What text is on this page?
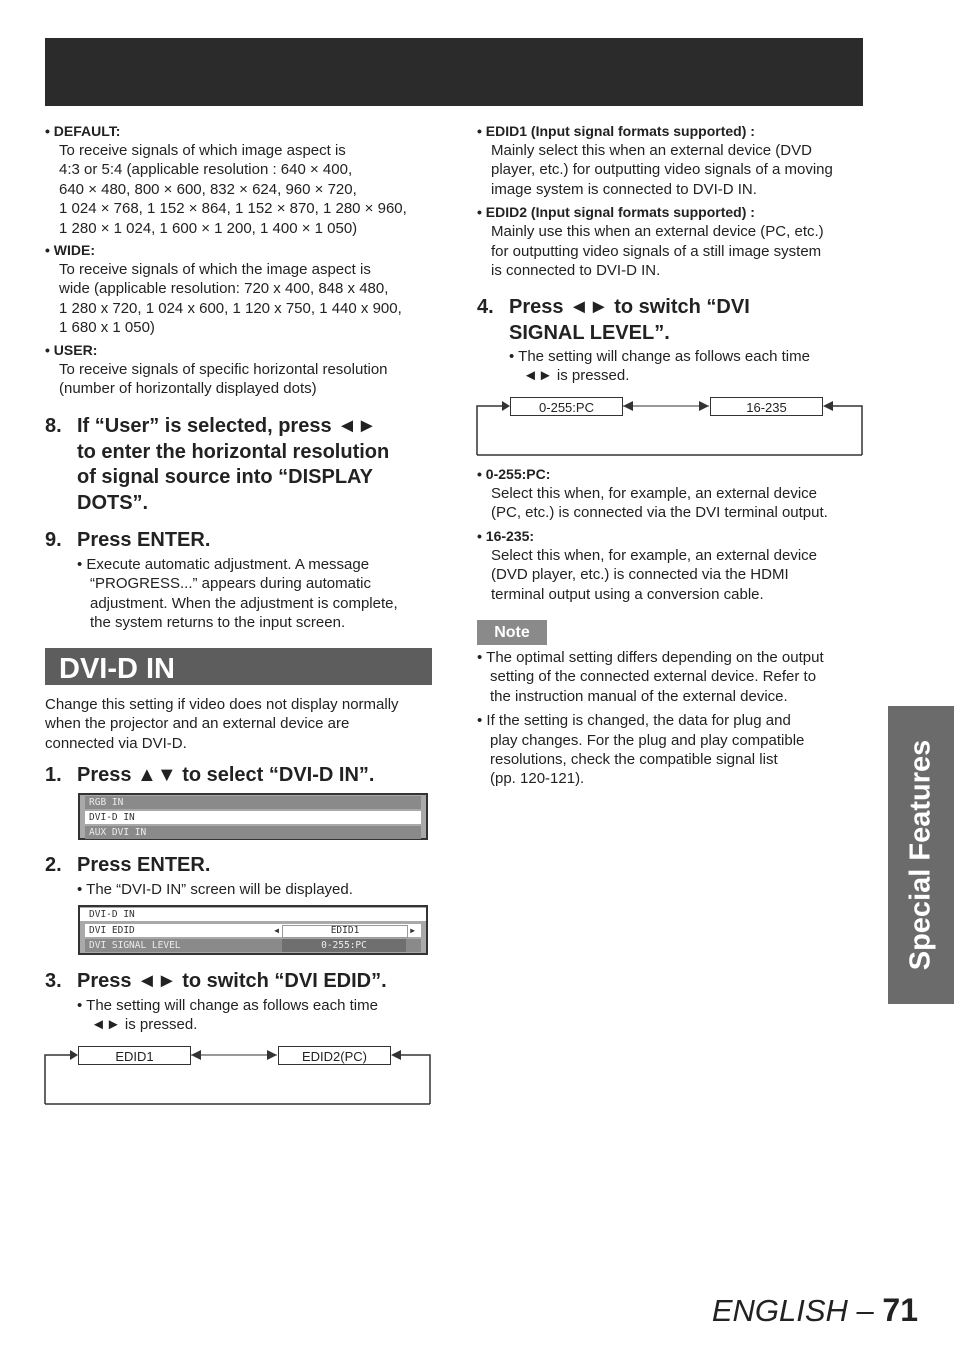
• DEFAULT:
To receive signals of which image aspect is
4:3 or 5:4 (applicable resolution : 640 × 400,
640 × 480, 800 × 600, 832 × 624, 960 × 720,
1 024 × 768, 1 152 × 864, 1 152 × 870, 1 280 × 960,
1 280 × 1 024, 1 600 × 1 200, 1 400 × 1 050)
• WIDE:
To receive signals of which the image aspect is
wide (applicable resolution: 720 x 400, 848 x 480,
1 280 x 720, 1 024 x 600, 1 120 x 750, 1 440 x 900,
1 680 x 1 050)
• USER:
To receive signals of specific horizontal resolution
(number of horizontally displayed dots)
8. If “User” is selected, press ◄►
to enter the horizontal resolution
of signal source into “DISPLAY
DOTS”.
9. Press ENTER.
• Execute automatic adjustment. A message
“PROGRESS...” appears during automatic
adjustment. When the adjustment is complete,
the system returns to the input screen.
DVI-D IN
Change this setting if video does not display normally
when the projector and an external device are
connected via DVI-D.
1. Press ▲▼ to select “DVI-D IN”.
RGB IN
DVI-D IN
AUX DVI IN
2. Press ENTER.
• The “DVI-D IN” screen will be displayed.
DVI-D IN
DVI EDID	◂	EDID1	▸
DVI SIGNAL LEVEL	0-255:PC
3. Press ◄► to switch “DVI EDID”.
• The setting will change as follows each time
◄► is pressed.
EDID1	EDID2(PC)
• EDID1 (Input signal formats supported) :
Mainly select this when an external device (DVD
player, etc.) for outputting video signals of a moving
image system is connected to DVI-D IN.
• EDID2 (Input signal formats supported) :
Mainly use this when an external device (PC, etc.)
for outputting video signals of a still image system
is connected to DVI-D IN.
4. Press ◄► to switch “DVI
SIGNAL LEVEL”.
• The setting will change as follows each time
◄► is pressed.
0-255:PC	16-235
• 0-255:PC:
Select this when, for example, an external device
(PC, etc.) is connected via the DVI terminal output.
• 16-235:
Select this when, for example, an external device
(DVD player, etc.) is connected via the HDMI
terminal output using a conversion cable.
Note
• The optimal setting differs depending on the output
setting of the connected external device. Refer to
the instruction manual of the external device.
• If the setting is changed, the data for plug and
play changes. For the plug and play compatible
resolutions, check the compatible signal list
(pp. 120-121).	Special Features
ENGLISH – 71
